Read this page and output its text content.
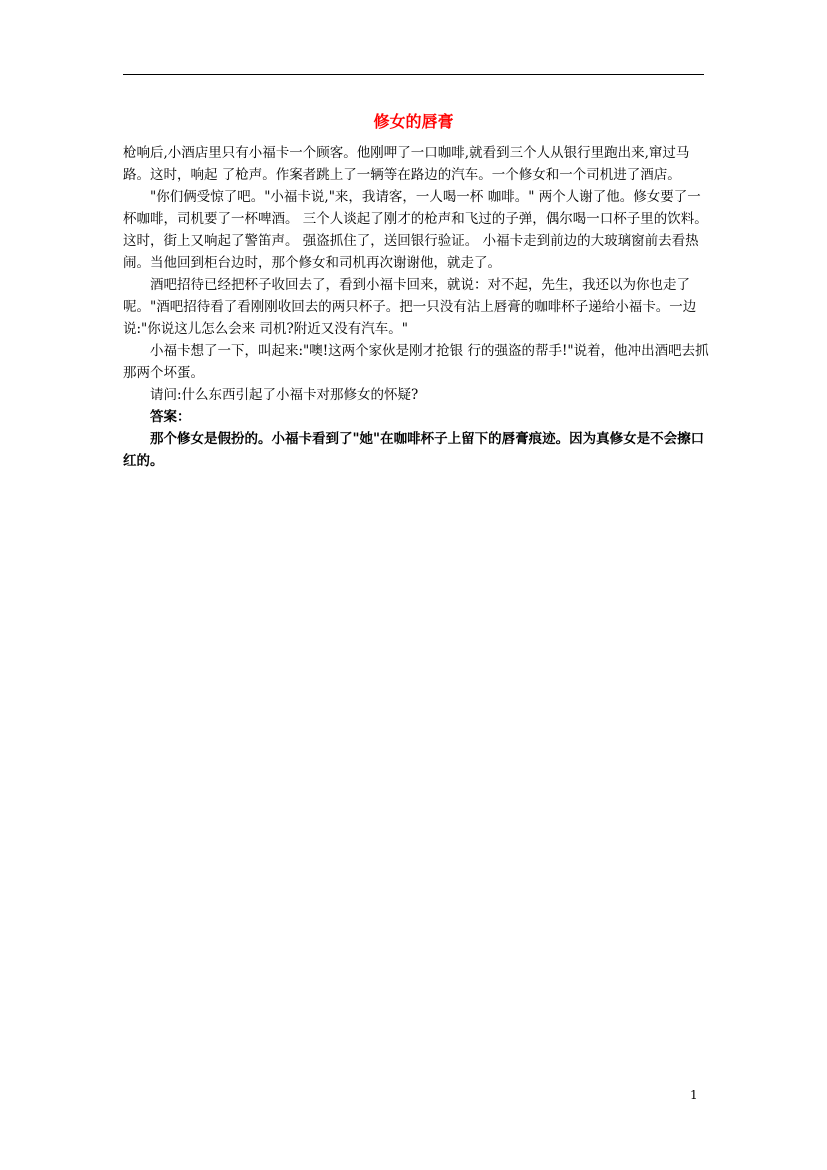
修女的唇膏

枪响后,小酒店里只有小福卡一个顾客。他刚呷了一口咖啡,就看到三个人从银行里跑出来,窜过马路。这时，响起 了枪声。作案者跳上了一辆等在路边的汽车。一个修女和一个司机进了酒店。

"你们俩受惊了吧。"小福卡说,"来，我请客，一人喝一杯 咖啡。" 两个人谢了他。修女要了一杯咖啡，司机要了一杯啤酒。 三个人谈起了刚才的枪声和飞过的子弹，偶尔喝一口杯子里的饮料。这时，街上又响起了警笛声。 强盗抓住了，送回银行验证。 小福卡走到前边的大玻璃窗前去看热闹。当他回到柜台边时，那个修女和司机再次谢谢他，就走了。

酒吧招待已经把杯子收回去了，看到小福卡回来，就说：对不起，先生，我还以为你也走了呢。"酒吧招待看了看刚刚收回去的两只杯子。把一只没有沾上唇膏的咖啡杯子递给小福卡。一边说:"你说这儿怎么会来 司机?附近又没有汽车。"

小福卡想了一下，叫起来:"噢!这两个家伙是刚才抢银 行的强盗的帮手!"说着，他冲出酒吧去抓那两个坏蛋。

请问:什么东西引起了小福卡对那修女的怀疑?

答案：

那个修女是假扮的。小福卡看到了"她"在咖啡杯子上留下的唇膏痕迹。因为真修女是不会擦口红的。

1
